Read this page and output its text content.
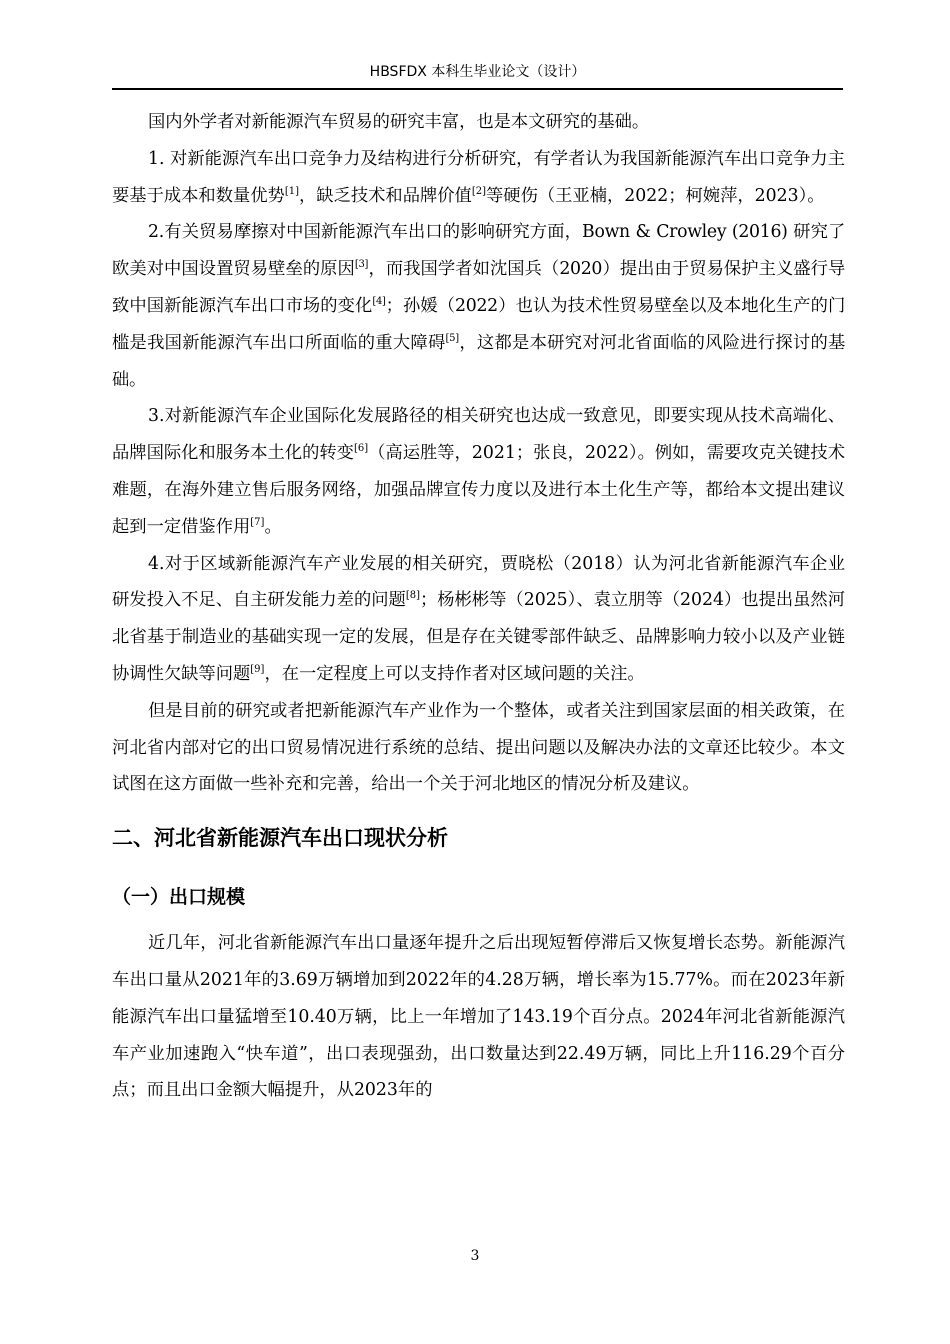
HBSFDX 本科生毕业论文（设计）

国内外学者对新能源汽车贸易的研究丰富，也是本文研究的基础。

1. 对新能源汽车出口竞争力及结构进行分析研究，有学者认为我国新能源汽车出口竞争力主要基于成本和数量优势[1]，缺乏技术和品牌价值[2]等硬伤（王亚楠，2022；柯婉萍，2023）。

2.有关贸易摩擦对中国新能源汽车出口的影响研究方面，Bown & Crowley (2016) 研究了欧美对中国设置贸易壁垒的原因[3]，而我国学者如沈国兵（2020）提出由于贸易保护主义盛行导致中国新能源汽车出口市场的变化[4]；孙媛（2022）也认为技术性贸易壁垒以及本地化生产的门槛是我国新能源汽车出口所面临的重大障碍[5]，这都是本研究对河北省面临的风险进行探讨的基础。

3.对新能源汽车企业国际化发展路径的相关研究也达成一致意见，即要实现从技术高端化、品牌国际化和服务本土化的转变[6]（高运胜等，2021；张良，2022）。例如，需要攻克关键技术难题，在海外建立售后服务网络，加强品牌宣传力度以及进行本土化生产等，都给本文提出建议起到一定借鉴作用[7]。

4.对于区域新能源汽车产业发展的相关研究，贾晓松（2018）认为河北省新能源汽车企业研发投入不足、自主研发能力差的问题[8]；杨彬彬等（2025）、袁立朋等（2024）也提出虽然河北省基于制造业的基础实现一定的发展，但是存在关键零部件缺乏、品牌影响力较小以及产业链协调性欠缺等问题[9]，在一定程度上可以支持作者对区域问题的关注。

但是目前的研究或者把新能源汽车产业作为一个整体，或者关注到国家层面的相关政策，在河北省内部对它的出口贸易情况进行系统的总结、提出问题以及解决办法的文章还比较少。本文试图在这方面做一些补充和完善，给出一个关于河北地区的情况分析及建议。

二、河北省新能源汽车出口现状分析
（一）出口规模

近几年，河北省新能源汽车出口量逐年提升之后出现短暂停滞后又恢复增长态势。新能源汽车出口量从2021年的3.69万辆增加到2022年的4.28万辆，增长率为15.77%。而在2023年新能源汽车出口量猛增至10.40万辆，比上一年增加了143.19个百分点。2024年河北省新能源汽车产业加速跑入“快车道”，出口表现强劲，出口数量达到22.49万辆，同比上升116.29个百分点；而且出口金额大幅提升，从2023年的

3
